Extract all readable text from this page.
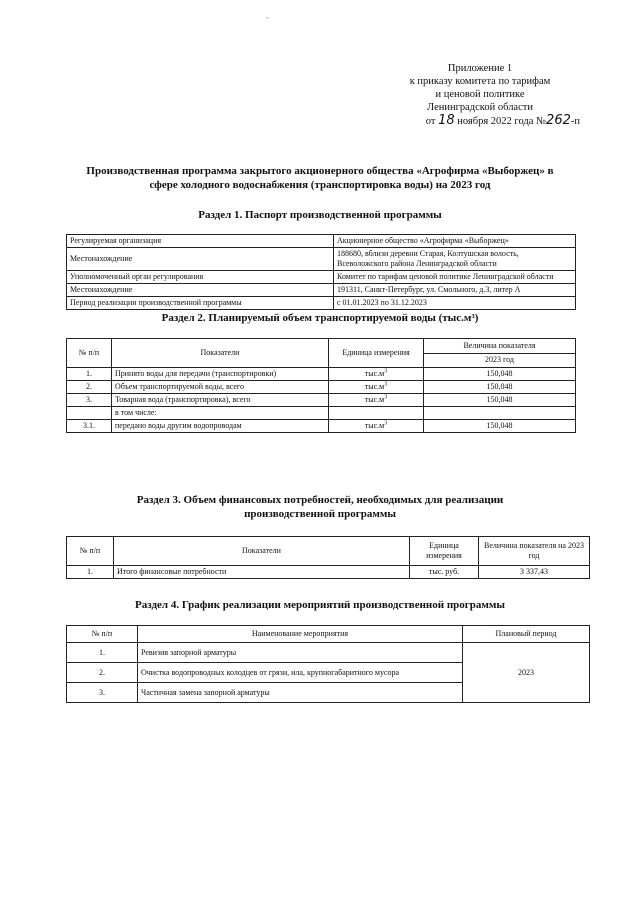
ˇ
Приложение 1
к приказу комитета по тарифам
и ценовой политике
Ленинградской области
от 18 ноября 2022 года №262-п
Производственная программа закрытого акционерного общества «Агрофирма «Выборжец» в
сфере холодного водоснабжения (транспортировка воды) на 2023 год
Раздел 1. Паспорт производственной программы
Регулируемая организация	Акционерное общество «Агрофирма «Выборжец»
Местонахождение	188680, вблизи деревни Старая, Колтушская волость, Всеволожского района Ленинградской области
Уполномоченный орган регулирования	Комитет по тарифам ценовой политике Ленинградской области
Местонахождение	191311, Санкт-Петербург, ул. Смольного, д.3, литер А
Период реализации производственной программы	с 01.01.2023 по 31.12.2023
Раздел 2. Планируемый объем транспортируемой воды (тыс.м³)
№ п/п	Показатели	Единица измерения	Величина показателя
			2023 год
1.	Принято воды для передачи (транспортировки)	$тыс.м^3$	150,048
2.	Объем транспортируемой воды, всего	$тыс.м^3$	150,048
3.	Товарная вода (транспортировка), всего	$тыс.м^3$	150,048
	в том числе:		
3.1.	передано воды другим водопроводам	$тыс.м^3$	150,048
Раздел 3. Объем финансовых потребностей, необходимых для реализации
производственной программы
№ п/п	Показатели	Единица измерения	Величина показателя на 2023 год
1.	Итого финансовые потребности	тыс. руб.	3 337,43
Раздел 4. График реализации мероприятий производственной программы
№ п/п	Наименование мероприятия	Плановый период
1.	Ревизия запорной арматуры	2023
2.	Очистка водопроводных колодцев от грязи, ила, крупногабаритного мусора	
3.	Частичная замена запорной арматуры	
